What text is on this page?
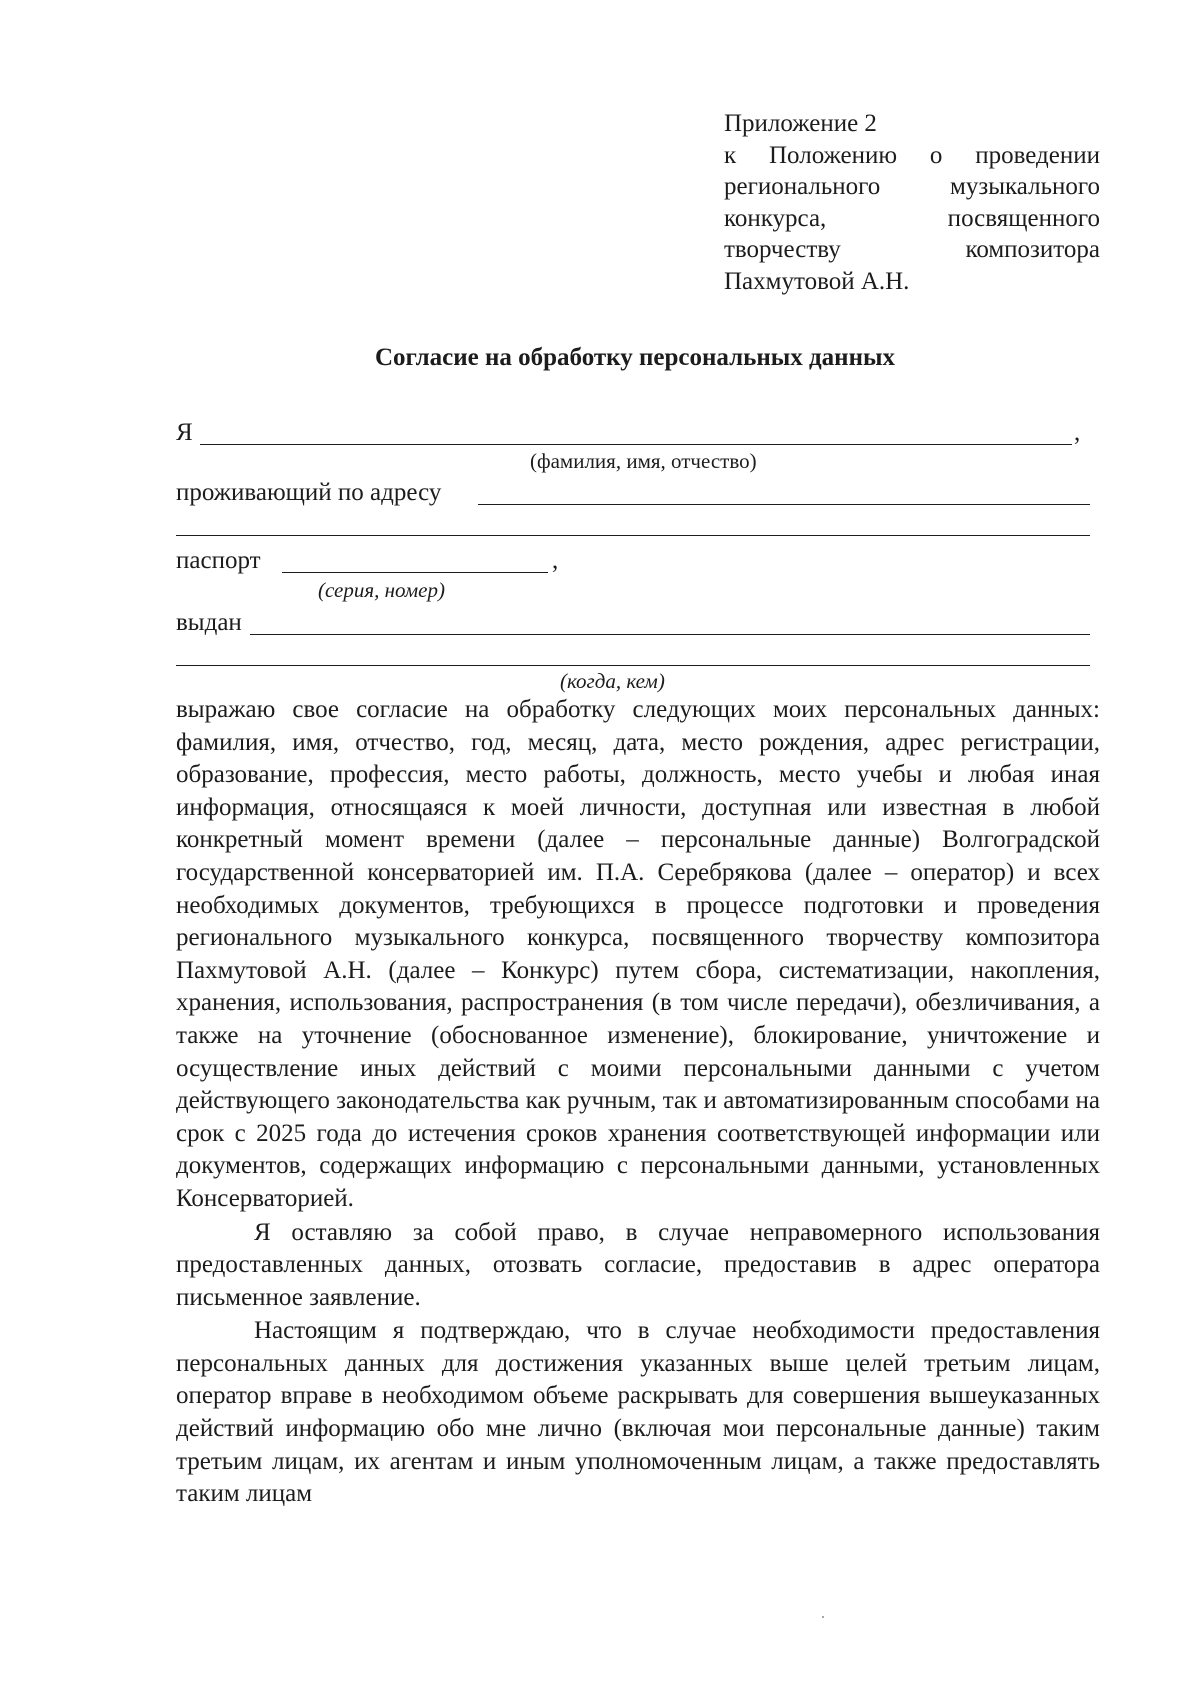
Приложение 2
к Положению о проведении
регионального музыкального
конкурса, посвященного
творчеству композитора
Пахмутовой А.Н.
Согласие на обработку персональных данных
Я	,
(фамилия, имя, отчество)
проживающий по адресу
паспорт	,
(серия, номер)
выдан
(когда, кем)

выражаю свое согласие на обработку следующих моих персональных данных: фамилия, имя, отчество, год, месяц, дата, место рождения, адрес регистрации, образование, профессия, место работы, должность, место учебы и любая иная информация, относящаяся к моей личности, доступная или известная в любой конкретный момент времени (далее – персональные данные) Волгоградской государственной консерваторией им. П.А. Серебрякова (далее – оператор) и всех необходимых документов, требующихся в процессе подготовки и проведения регионального музыкального конкурса, посвященного творчеству композитора Пахмутовой А.Н. (далее – Конкурс) путем сбора, систематизации, накопления, хранения, использования, распространения (в том числе передачи), обезличивания, а также на уточнение (обоснованное изменение), блокирование, уничтожение и осуществление иных действий с моими персональными данными с учетом действующего законодательства как ручным, так и автоматизированным способами на срок с 2025 года до истечения сроков хранения соответствующей информации или документов, содержащих информацию с персональными данными, установленных Консерваторией.

Я оставляю за собой право, в случае неправомерного использования предоставленных данных, отозвать согласие, предоставив в адрес оператора письменное заявление.

Настоящим я подтверждаю, что в случае необходимости предоставления персональных данных для достижения указанных выше целей третьим лицам, оператор вправе в необходимом объеме раскрывать для совершения вышеуказанных действий информацию обо мне лично (включая мои персональные данные) таким третьим лицам, их агентам и иным уполномоченным лицам, а также предоставлять таким лицам
